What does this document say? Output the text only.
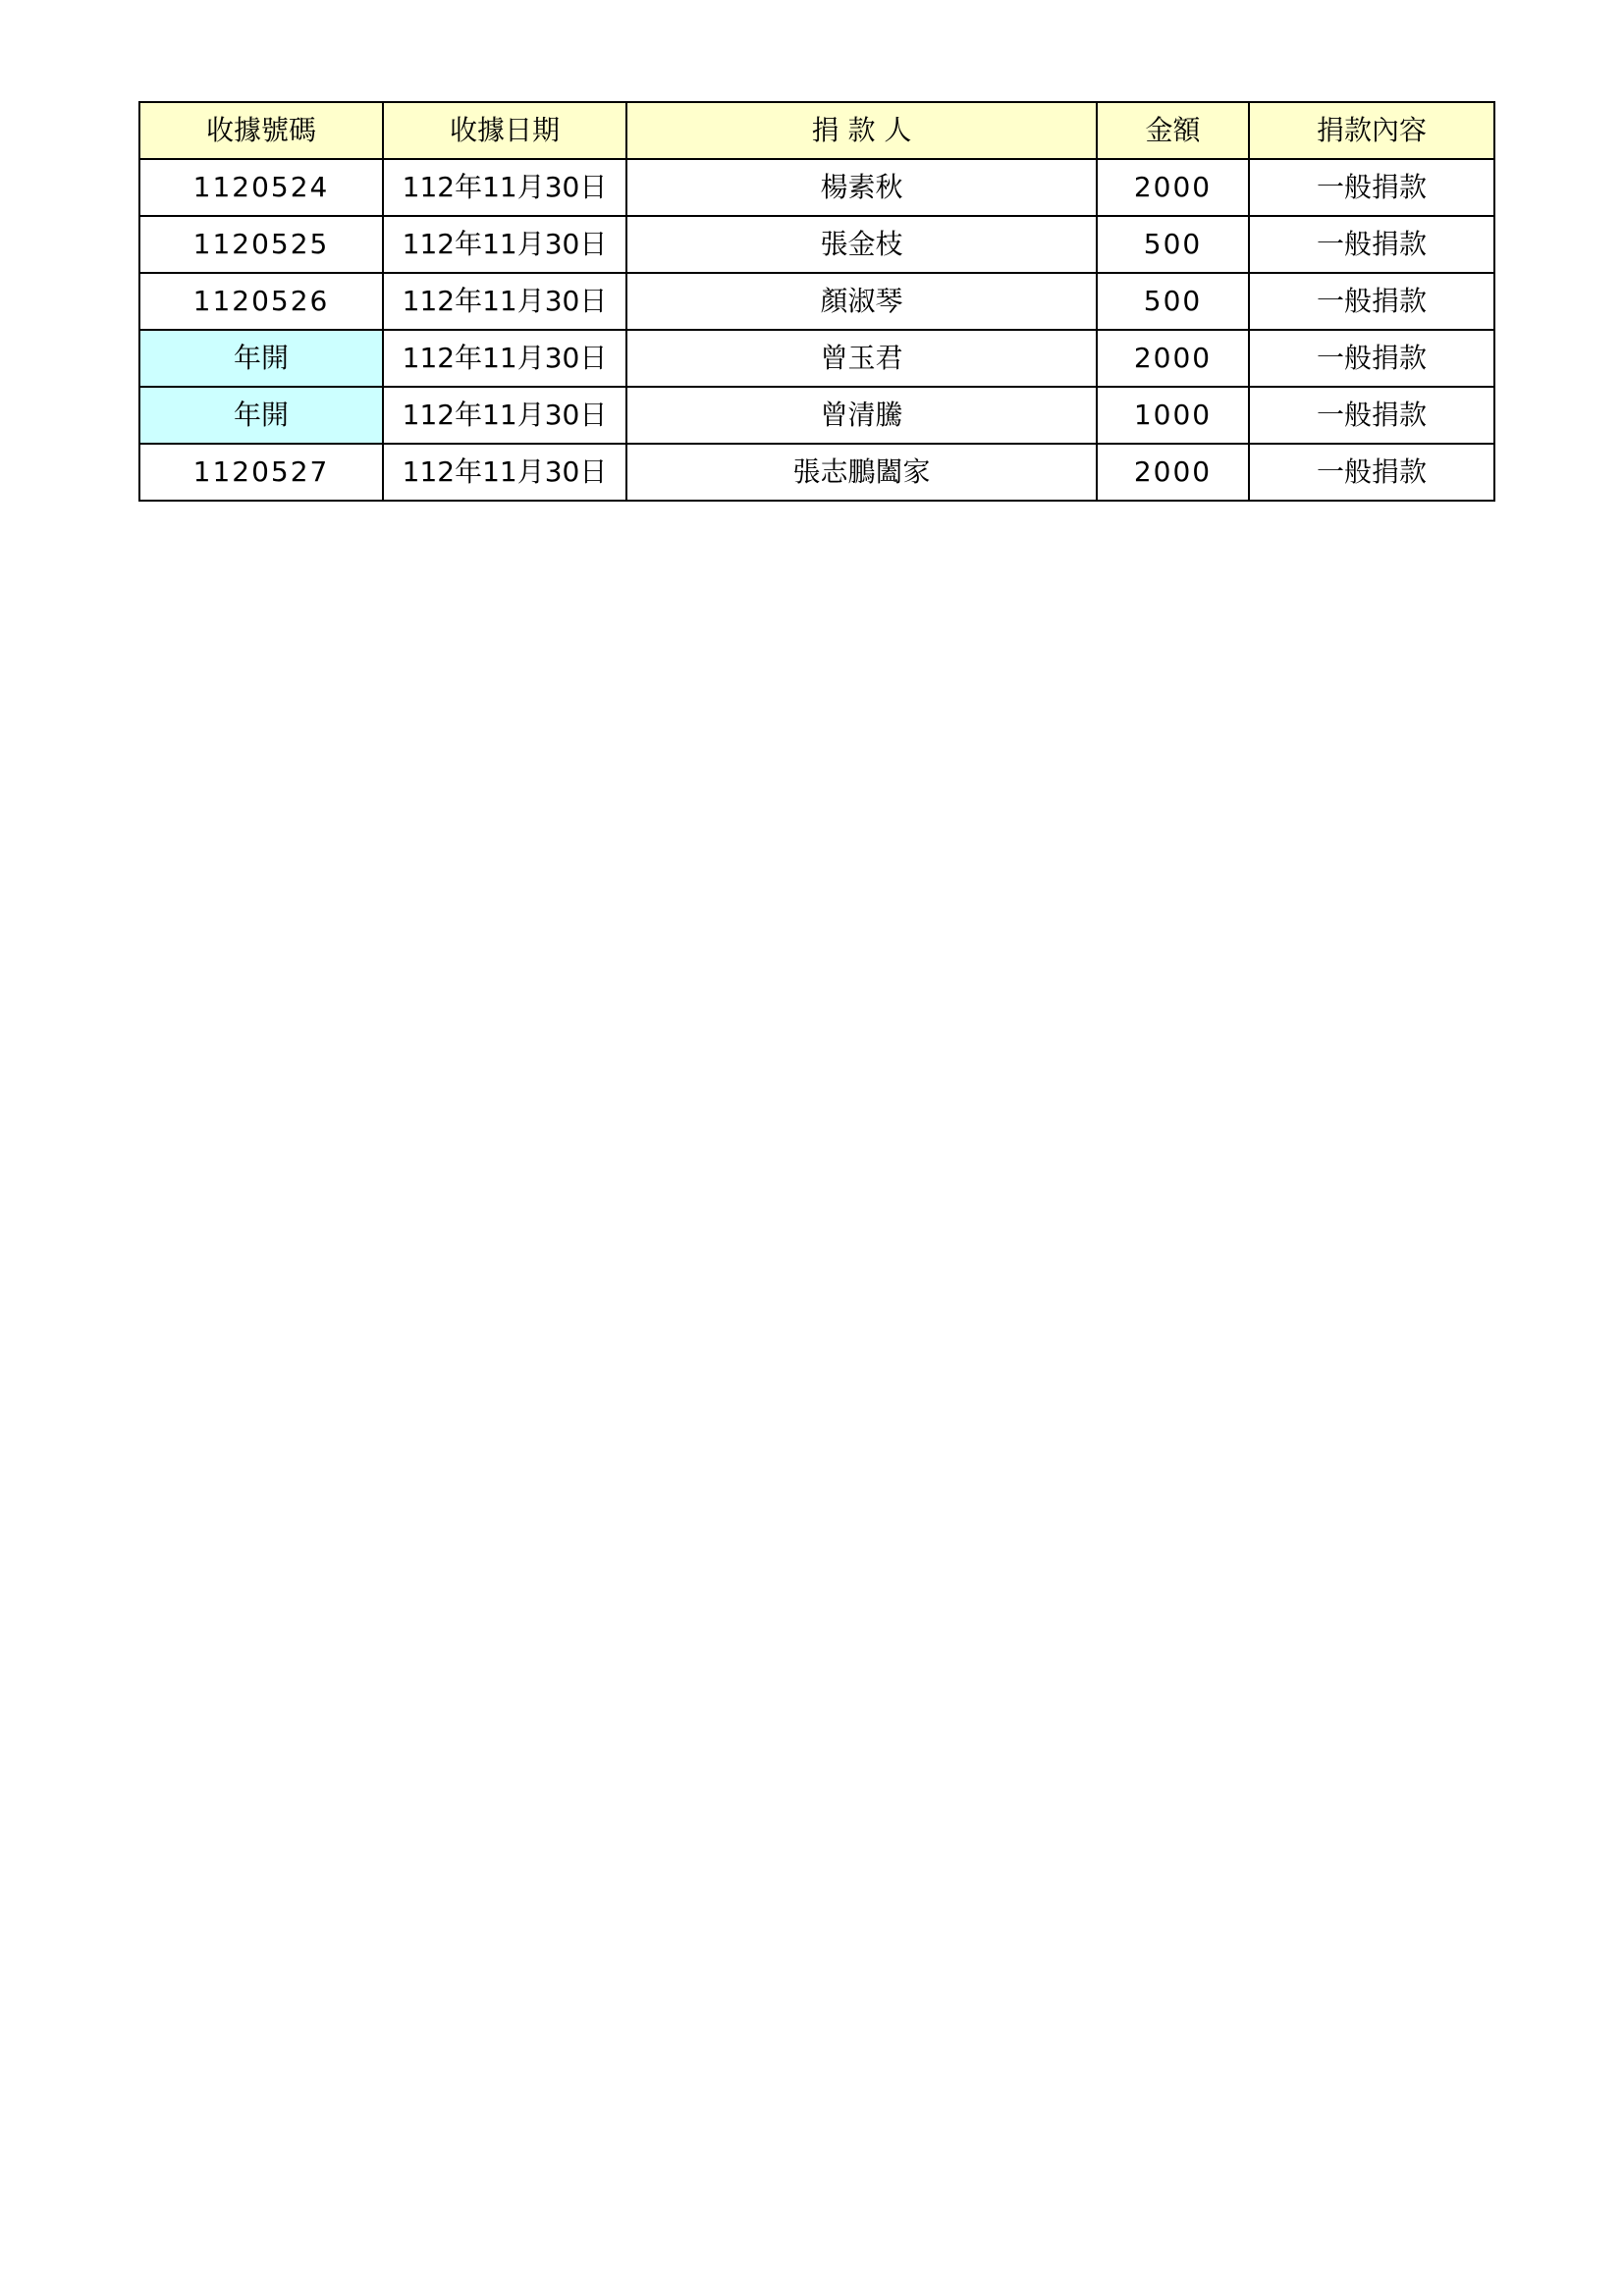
收據號碼	收據日期	捐 款 人	金額	捐款內容
1120524	112年11月30日	楊素秋	2000	一般捐款
1120525	112年11月30日	張金枝	500	一般捐款
1120526	112年11月30日	顏淑琴	500	一般捐款
年開	112年11月30日	曾玉君	2000	一般捐款
年開	112年11月30日	曾清騰	1000	一般捐款
1120527	112年11月30日	張志鵬闔家	2000	一般捐款
